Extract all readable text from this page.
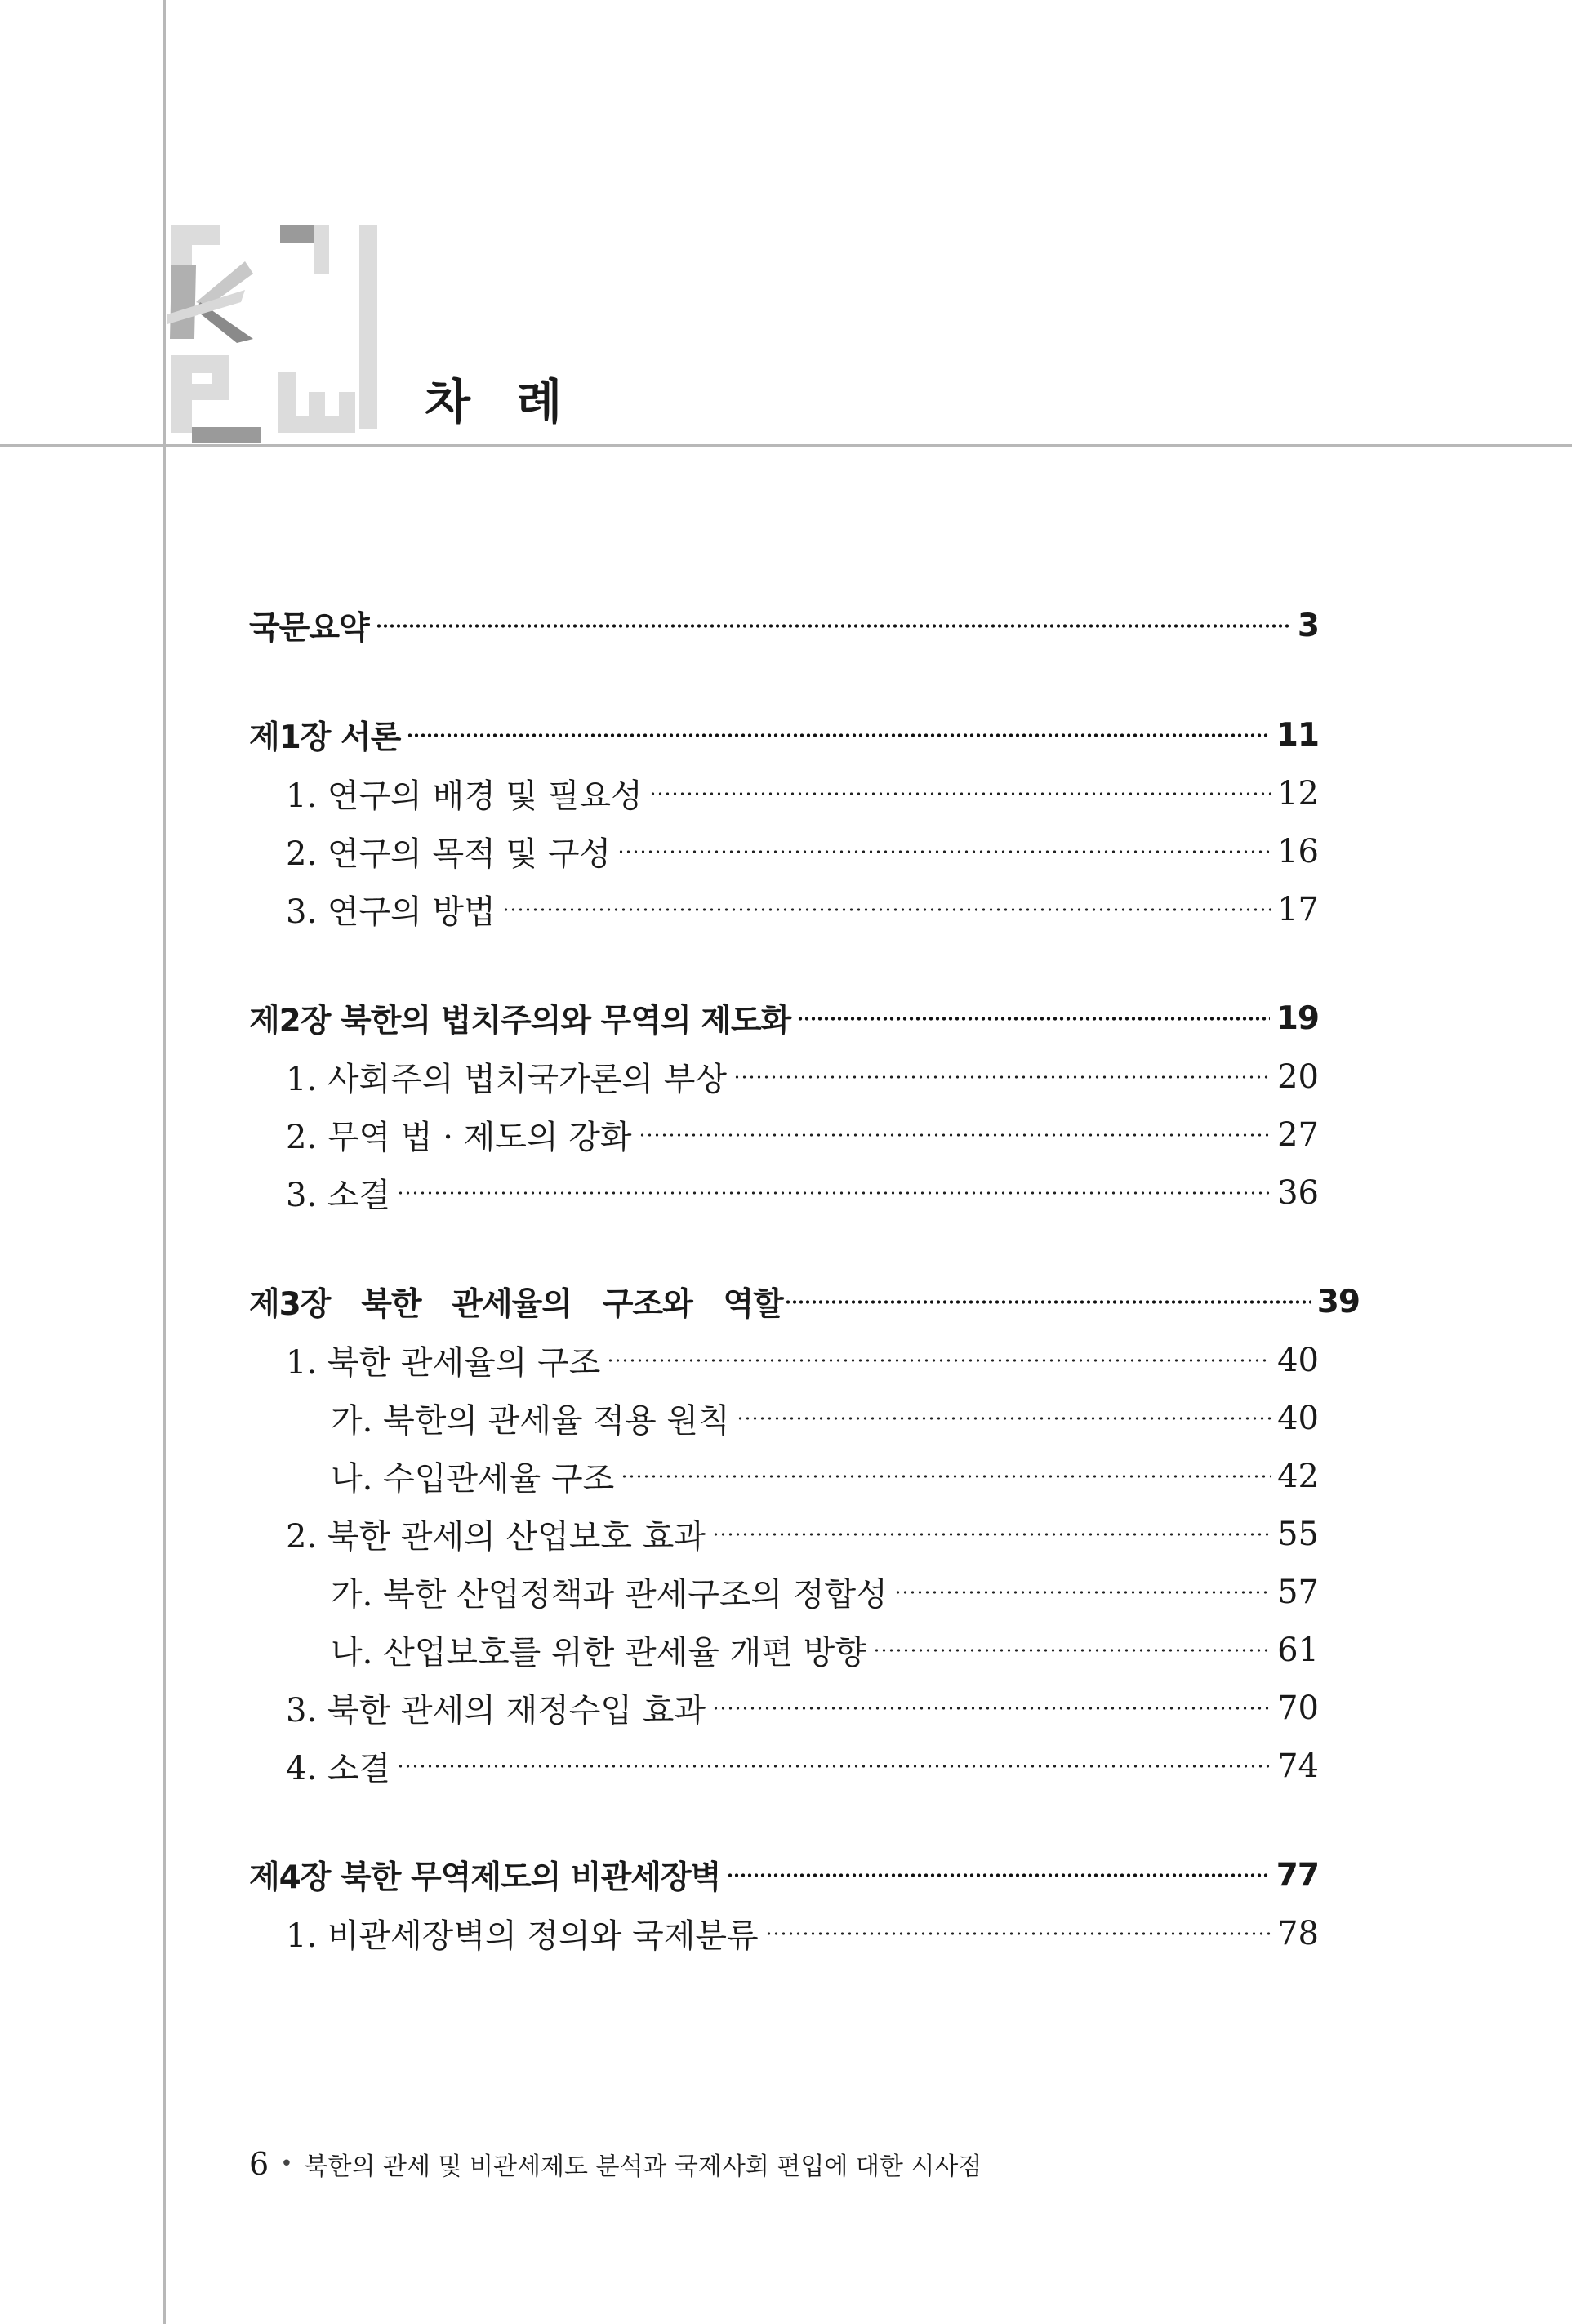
차 례
국문요약	3
제1장 서론	11
1. 연구의 배경 및 필요성	12
2. 연구의 목적 및 구성	16
3. 연구의 방법	17
제2장 북한의 법치주의와 무역의 제도화	19
1. 사회주의 법치국가론의 부상	20
2. 무역 법 · 제도의 강화	27
3. 소결	36
제3장   북한   관세율의   구조와   역할	39
1. 북한 관세율의 구조	40
가. 북한의 관세율 적용 원칙	40
나. 수입관세율 구조	42
2. 북한 관세의 산업보호 효과	55
가. 북한 산업정책과 관세구조의 정합성	57
나. 산업보호를 위한 관세율 개편 방향	61
3. 북한 관세의 재정수입 효과	70
4. 소결	74
제4장 북한 무역제도의 비관세장벽	77
1. 비관세장벽의 정의와 국제분류	78
6 • 북한의 관세 및 비관세제도 분석과 국제사회 편입에 대한 시사점
